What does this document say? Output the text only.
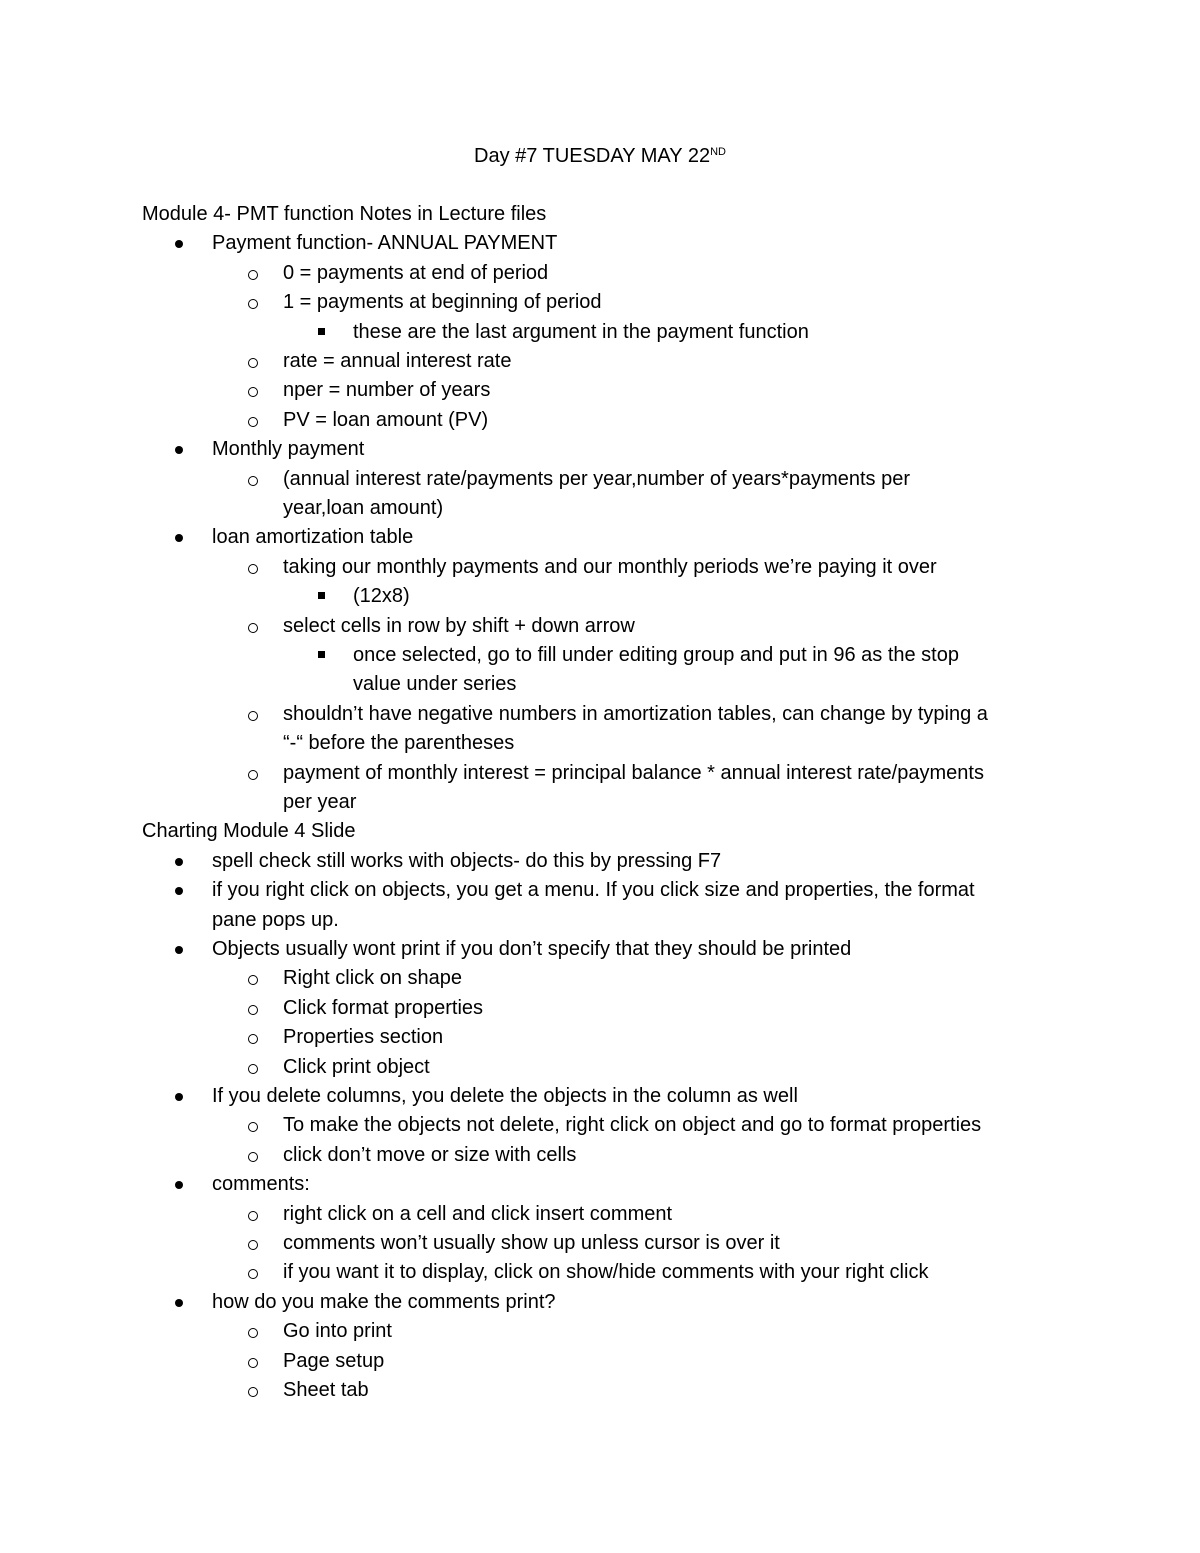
Day #7 TUESDAY MAY 22ND
Module 4- PMT function Notes in Lecture files
Payment function- ANNUAL PAYMENT
0 = payments at end of period
1 = payments at beginning of period
these are the last argument in the payment function
rate = annual interest rate
nper = number of years
PV = loan amount (PV)
Monthly payment
(annual interest rate/payments per year,number of years*payments per
year,loan amount)
loan amortization table
taking our monthly payments and our monthly periods we’re paying it over
(12x8)
select cells in row by shift + down arrow
once selected, go to fill under editing group and put in 96 as the stop
value under series
shouldn’t have negative numbers in amortization tables, can change by typing a
“-“ before the parentheses
payment of monthly interest = principal balance * annual interest rate/payments
per year
Charting Module 4 Slide
spell check still works with objects- do this by pressing F7
if you right click on objects, you get a menu. If you click size and properties, the format
pane pops up.
Objects usually wont print if you don’t specify that they should be printed
Right click on shape
Click format properties
Properties section
Click print object
If you delete columns, you delete the objects in the column as well
To make the objects not delete, right click on object and go to format properties
click don’t move or size with cells
comments:
right click on a cell and click insert comment
comments won’t usually show up unless cursor is over it
if you want it to display, click on show/hide comments with your right click
how do you make the comments print?
Go into print
Page setup
Sheet tab
